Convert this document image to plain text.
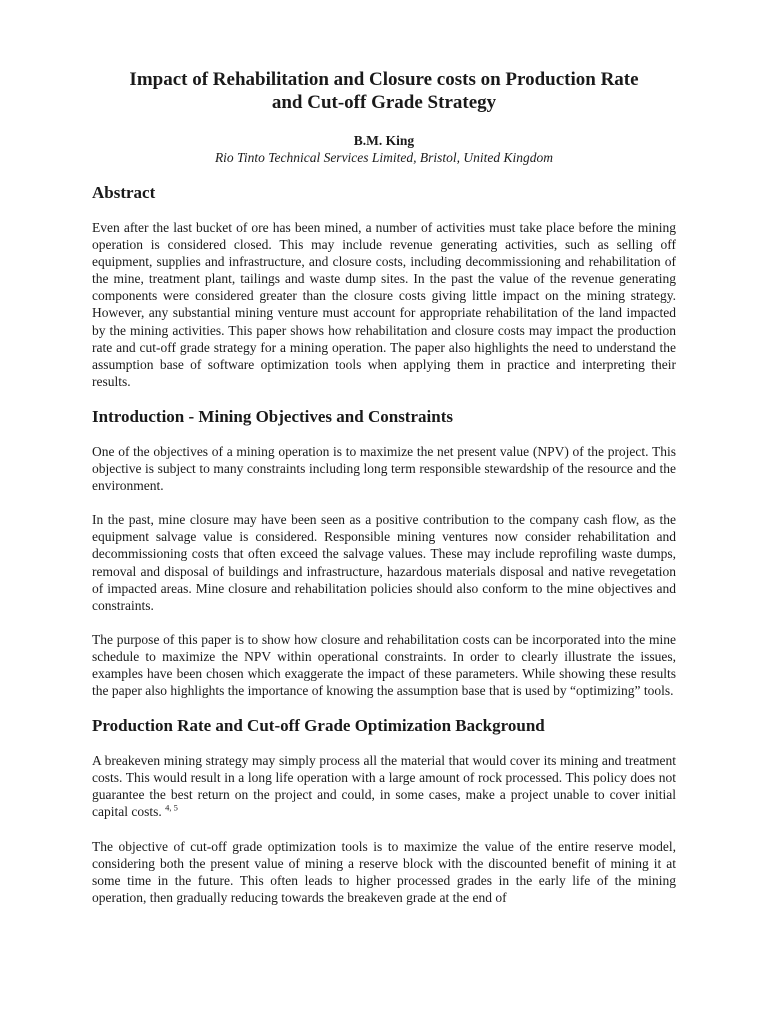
Impact of Rehabilitation and Closure costs on Production Rate
and Cut-off Grade Strategy

B.M. King

Rio Tinto Technical Services Limited, Bristol, United Kingdom

Abstract

Even after the last bucket of ore has been mined, a number of activities must take place before the mining operation is considered closed. This may include revenue generating activities, such as selling off equipment, supplies and infrastructure, and closure costs, including decommissioning and rehabilitation of the mine, treatment plant, tailings and waste dump sites. In the past the value of the revenue generating components were considered greater than the closure costs giving little impact on the mining strategy. However, any substantial mining venture must account for appropriate rehabilitation of the land impacted by the mining activities. This paper shows how rehabilitation and closure costs may impact the production rate and cut-off grade strategy for a mining operation. The paper also highlights the need to understand the assumption base of software optimization tools when applying them in practice and interpreting their results.

Introduction - Mining Objectives and Constraints

One of the objectives of a mining operation is to maximize the net present value (NPV) of the project. This objective is subject to many constraints including long term responsible stewardship of the resource and the environment.

In the past, mine closure may have been seen as a positive contribution to the company cash flow, as the equipment salvage value is considered. Responsible mining ventures now consider rehabilitation and decommissioning costs that often exceed the salvage values. These may include reprofiling waste dumps, removal and disposal of buildings and infrastructure, hazardous materials disposal and native revegetation of impacted areas. Mine closure and rehabilitation policies should also conform to the mine objectives and constraints.

The purpose of this paper is to show how closure and rehabilitation costs can be incorporated into the mine schedule to maximize the NPV within operational constraints. In order to clearly illustrate the issues, examples have been chosen which exaggerate the impact of these parameters. While showing these results the paper also highlights the importance of knowing the assumption base that is used by “optimizing” tools.

Production Rate and Cut-off Grade Optimization Background

A breakeven mining strategy may simply process all the material that would cover its mining and treatment costs. This would result in a long life operation with a large amount of rock processed. This policy does not guarantee the best return on the project and could, in some cases, make a project unable to cover initial capital costs. $^{4, 5}$

The objective of cut-off grade optimization tools is to maximize the value of the entire reserve model, considering both the present value of mining a reserve block with the discounted benefit of mining it at some time in the future. This often leads to higher processed grades in the early life of the mining operation, then gradually reducing towards the breakeven grade at the end of
